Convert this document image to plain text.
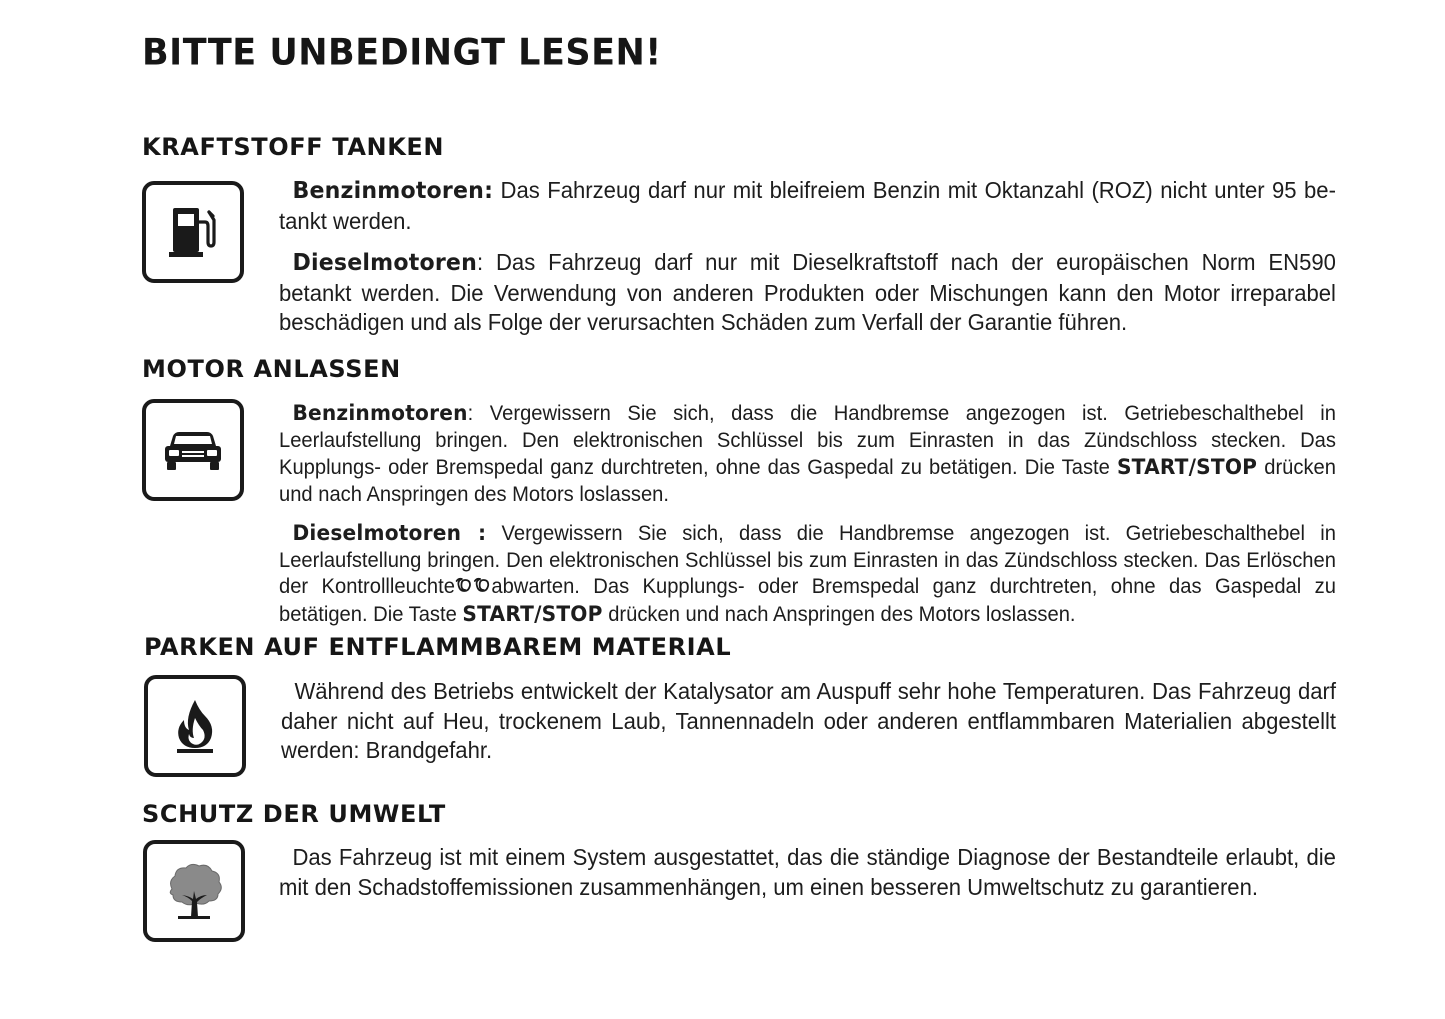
BITTE UNBEDINGT LESEN!
KRAFTSTOFF TANKEN

Benzinmotoren: Das Fahrzeug darf nur mit bleifreiem Benzin mit Oktanzahl (ROZ) nicht unter 95 betankt werden.

Dieselmotoren: Das Fahrzeug darf nur mit Dieselkraftstoff nach der europäischen Norm EN590 betankt werden. Die Verwendung von anderen Produkten oder Mischungen kann den Motor irreparabel beschädigen und als Folge der verursachten Schäden zum Verfall der Garantie führen.

MOTOR ANLASSEN

Benzinmotoren: Vergewissern Sie sich, dass die Handbremse angezogen ist. Getriebeschalthebel in Leerlaufstellung bringen. Den elektronischen Schlüssel bis zum Einrasten in das Zündschloss stecken. Das Kupplungs- oder Bremspedal ganz durchtreten, ohne das Gaspedal zu betätigen. Die Taste START/STOP drücken und nach Anspringen des Motors loslassen.

Dieselmotoren : Vergewissern Sie sich, dass die Handbremse angezogen ist. Getriebeschalthebel in Leerlaufstellung bringen. Den elektronischen Schlüssel bis zum Einrasten in das Zündschloss stecken. Das Erlöschen der Kontrollleuchte abwarten. Das Kupplungs- oder Bremspedal ganz durchtreten, ohne das Gaspedal zu betätigen. Die Taste START/STOP drücken und nach Anspringen des Motors loslassen.

PARKEN AUF ENTFLAMMBAREM MATERIAL

Während des Betriebs entwickelt der Katalysator am Auspuff sehr hohe Temperaturen. Das Fahrzeug darf daher nicht auf Heu, trockenem Laub, Tannennadeln oder anderen entflammbaren Materialien abgestellt werden: Brandgefahr.

SCHUTZ DER UMWELT

Das Fahrzeug ist mit einem System ausgestattet, das die ständige Diagnose der Bestandteile erlaubt, die mit den Schadstoffemissionen zusammenhängen, um einen besseren Umweltschutz zu garantieren.
